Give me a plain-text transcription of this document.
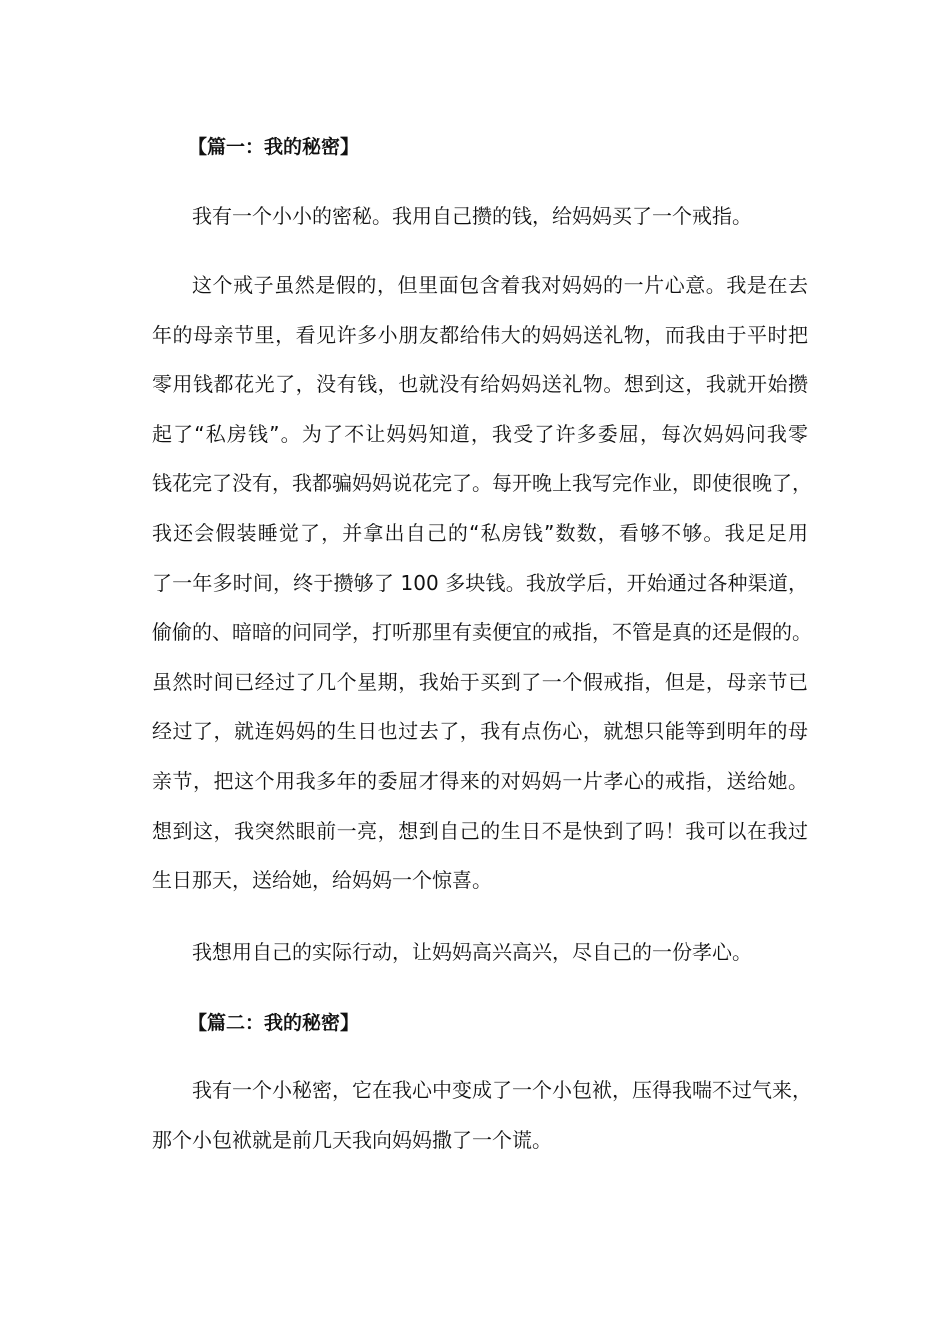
【篇一：我的秘密】
我有一个小小的密秘。我用自己攒的钱，给妈妈买了一个戒指。
这个戒子虽然是假的，但里面包含着我对妈妈的一片心意。我是在去
年的母亲节里，看见许多小朋友都给伟大的妈妈送礼物，而我由于平时把
零用钱都花光了，没有钱，也就没有给妈妈送礼物。想到这，我就开始攒
起了“私房钱”。为了不让妈妈知道，我受了许多委屈，每次妈妈问我零
钱花完了没有，我都骗妈妈说花完了。每开晚上我写完作业，即使很晚了，
我还会假装睡觉了，并拿出自己的“私房钱”数数，看够不够。我足足用
了一年多时间，终于攒够了 100 多块钱。我放学后，开始通过各种渠道，
偷偷的、暗暗的问同学，打听那里有卖便宜的戒指，不管是真的还是假的。
虽然时间已经过了几个星期，我始于买到了一个假戒指，但是，母亲节已
经过了，就连妈妈的生日也过去了，我有点伤心，就想只能等到明年的母
亲节，把这个用我多年的委屈才得来的对妈妈一片孝心的戒指，送给她。
想到这，我突然眼前一亮，想到自己的生日不是快到了吗！我可以在我过
生日那天，送给她，给妈妈一个惊喜。
我想用自己的实际行动，让妈妈高兴高兴，尽自己的一份孝心。
【篇二：我的秘密】
我有一个小秘密，它在我心中变成了一个小包袱，压得我喘不过气来，
那个小包袱就是前几天我向妈妈撒了一个谎。
